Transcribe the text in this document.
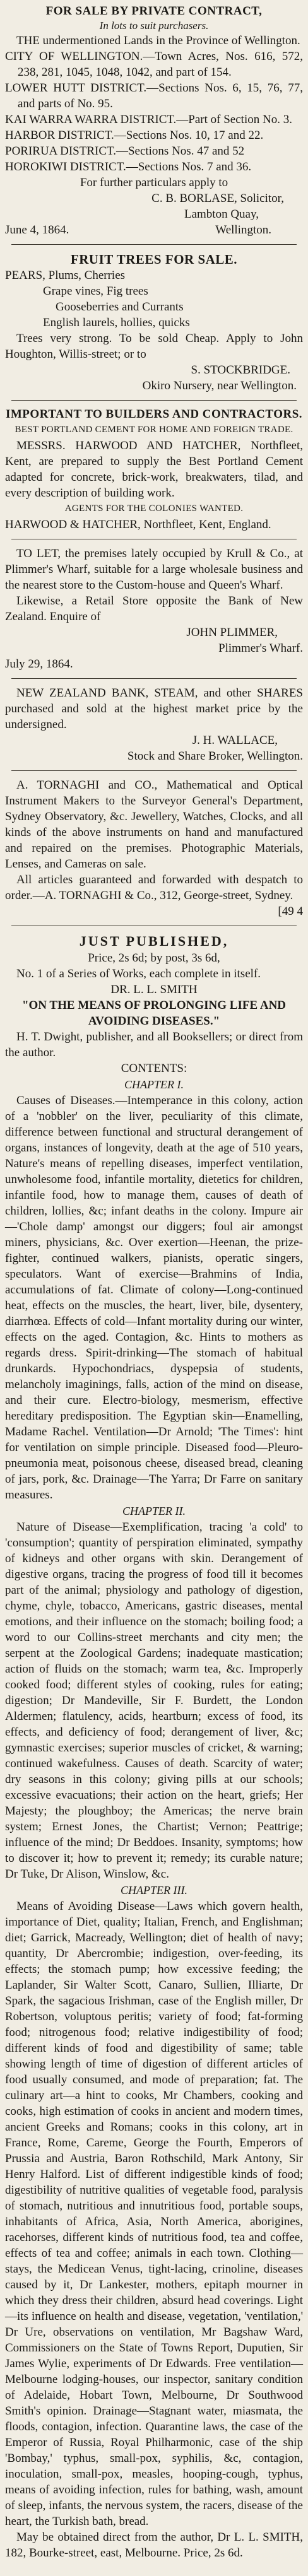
FOR SALE BY PRIVATE CONTRACT,
In lots to suit purchasers.

THE undermentioned Lands in the Province of Wellington.

CITY OF WELLINGTON.—Town Acres, Nos. 616, 572, 238, 281, 1045, 1048, 1042, and part of 154.

LOWER HUTT DISTRICT.—Sections Nos. 6, 15, 76, 77, and parts of No. 95.

KAI WARRA WARRA DISTRICT.—Part of Section No. 3.

HARBOR DISTRICT.—Sections Nos. 10, 17 and 22.

PORIRUA DISTRICT.—Sections Nos. 47 and 52

HOROKIWI DISTRICT.—Sections Nos. 7 and 36.

For further particulars apply to

C. B. BORLASE, Solicitor,

Lambton Quay,

June 4, 1864.	Wellington.

FRUIT TREES FOR SALE.

PEARS, Plums, Cherries

Grape vines, Fig trees

Gooseberries and Currants

English laurels, hollies, quicks

Trees very strong. To be sold Cheap. Apply to John Houghton, Willis-street; or to

S. STOCKBRIDGE.

Okiro Nursery, near Wellington.

IMPORTANT TO BUILDERS AND CONTRACTORS.

BEST PORTLAND CEMENT FOR HOME AND FOREIGN TRADE.

MESSRS. HARWOOD AND HATCHER, Northfleet, Kent, are prepared to supply the Best Portland Cement adapted for concrete, brick-work, breakwaters, tilad, and every description of building work.

AGENTS FOR THE COLONIES WANTED.

HARWOOD & HATCHER, Northfleet, Kent, England.

TO LET, the premises lately occupied by Krull & Co., at Plimmer's Wharf, suitable for a large wholesale business and the nearest store to the Custom-house and Queen's Wharf.

Likewise, a Retail Store opposite the Bank of New Zealand. Enquire of

JOHN PLIMMER,

Plimmer's Wharf.

July 29, 1864.

NEW ZEALAND BANK, STEAM, and other SHARES purchased and sold at the highest market price by the undersigned.

J. H. WALLACE,

Stock and Share Broker, Wellington.

A. TORNAGHI and CO., Mathematical and Optical Instrument Makers to the Surveyor General's Department, Sydney Observatory, &c. Jewellery, Watches, Clocks, and all kinds of the above instruments on hand and manufactured and repaired on the premises. Photographic Materials, Lenses, and Cameras on sale.

All articles guaranteed and forwarded with despatch to order.—A. TORNAGHI & Co., 312, George-street, Sydney.

[49 4

JUST PUBLISHED,

Price, 2s 6d; by post, 3s 6d,

No. 1 of a Series of Works, each complete in itself.

DR. L. L. SMITH

"ON THE MEANS OF PROLONGING LIFE AND AVOIDING DISEASES."

H. T. Dwight, publisher, and all Booksellers; or direct from the author.

CONTENTS:

CHAPTER I.

Causes of Diseases.—Intemperance in this colony, action of a 'nobbler' on the liver, peculiarity of this climate, difference between functional and structural derangement of organs, instances of longevity, death at the age of 510 years, Nature's means of repelling diseases, imperfect ventilation, unwholesome food, infantile mortality, dietetics for children, infantile food, how to manage them, causes of death of children, lollies, &c; infant deaths in the colony. Impure air—'Chole damp' amongst our diggers; foul air amongst miners, physicians, &c. Over exertion—Heenan, the prize-fighter, continued walkers, pianists, operatic singers, speculators. Want of exercise—Brahmins of India, accumulations of fat. Climate of colony—Long-continued heat, effects on the muscles, the heart, liver, bile, dysentery, diarrhœa. Effects of cold—Infant mortality during our winter, effects on the aged. Contagion, &c. Hints to mothers as regards dress. Spirit-drinking—The stomach of habitual drunkards. Hypochondriacs, dyspepsia of students, melancholy imaginings, falls, action of the mind on disease, and their cure. Electro-biology, mesmerism, effective hereditary predisposition. The Egyptian skin—Enamelling, Madame Rachel. Ventilation—Dr Arnold; 'The Times': hint for ventilation on simple principle. Diseased food—Pleuro-pneumonia meat, poisonous cheese, diseased bread, cleaning of jars, pork, &c. Drainage—The Yarra; Dr Farre on sanitary measures.

CHAPTER II.

Nature of Disease—Exemplification, tracing 'a cold' to 'consumption'; quantity of perspiration eliminated, sympathy of kidneys and other organs with skin. Derangement of digestive organs, tracing the progress of food till it becomes part of the animal; physiology and pathology of digestion, chyme, chyle, tobacco, Americans, gastric diseases, mental emotions, and their influence on the stomach; boiling food; a word to our Collins-street merchants and city men; the serpent at the Zoological Gardens; inadequate mastication; action of fluids on the stomach; warm tea, &c. Improperly cooked food; different styles of cooking, rules for eating; digestion; Dr Mandeville, Sir F. Burdett, the London Aldermen; flatulency, acids, heartburn; excess of food, its effects, and deficiency of food; derangement of liver, &c; gymnastic exercises; superior muscles of cricket, & warning; continued wakefulness. Causes of death. Scarcity of water; dry seasons in this colony; giving pills at our schools; excessive evacuations; their action on the heart, griefs; Her Majesty; the ploughboy; the Americas; the nerve brain system; Ernest Jones, the Chartist; Vernon; Peattrige; influence of the mind; Dr Beddoes. Insanity, symptoms; how to discover it; how to prevent it; remedy; its curable nature; Dr Tuke, Dr Alison, Winslow, &c.

CHAPTER III.

Means of Avoiding Disease—Laws which govern health, importance of Diet, quality; Italian, French, and Englishman; diet; Garrick, Macready, Wellington; diet of health of navy; quantity, Dr Abercrombie; indigestion, over-feeding, its effects; the stomach pump; how excessive feeding; the Laplander, Sir Walter Scott, Canaro, Sullien, Illiarte, Dr Spark, the sagacious Irishman, case of the English miller, Dr Robertson, voluptous peritis; variety of food; fat-forming food; nitrogenous food; relative indigestibility of food; different kinds of food and digestibility of same; table showing length of time of digestion of different articles of food usually consumed, and mode of preparation; fat. The culinary art—a hint to cooks, Mr Chambers, cooking and cooks, high estimation of cooks in ancient and modern times, ancient Greeks and Romans; cooks in this colony, art in France, Rome, Careme, George the Fourth, Emperors of Prussia and Austria, Baron Rothschild, Mark Antony, Sir Henry Halford. List of different indigestible kinds of food; digestibility of nutritive qualities of vegetable food, paralysis of stomach, nutritious and innutritious food, portable soups, inhabitants of Africa, Asia, North America, aborigines, racehorses, different kinds of nutritious food, tea and coffee, effects of tea and coffee; animals in each town. Clothing—stays, the Medicean Venus, tight-lacing, crinoline, diseases caused by it, Dr Lankester, mothers, epitaph mourner in which they dress their children, absurd head coverings. Light—its influence on health and disease, vegetation, 'ventilation,' Dr Ure, observations on ventilation, Mr Bagshaw Ward, Commissioners on the State of Towns Report, Duputien, Sir James Wylie, experiments of Dr Edwards. Free ventilation—Melbourne lodging-houses, our inspector, sanitary condition of Adelaide, Hobart Town, Melbourne, Dr Southwood Smith's opinion. Drainage—Stagnant water, miasmata, the floods, contagion, infection. Quarantine laws, the case of the Emperor of Russia, Royal Philharmonic, case of the ship 'Bombay,' typhus, small-pox, syphilis, &c, contagion, inoculation, small-pox, measles, hooping-cough, typhus, means of avoiding infection, rules for bathing, wash, amount of sleep, infants, the nervous system, the racers, disease of the heart, the Turkish bath, bread.

May be obtained direct from the author, Dr L. L. SMITH, 182, Bourke-street, east, Melbourne. Price, 2s 6d.
